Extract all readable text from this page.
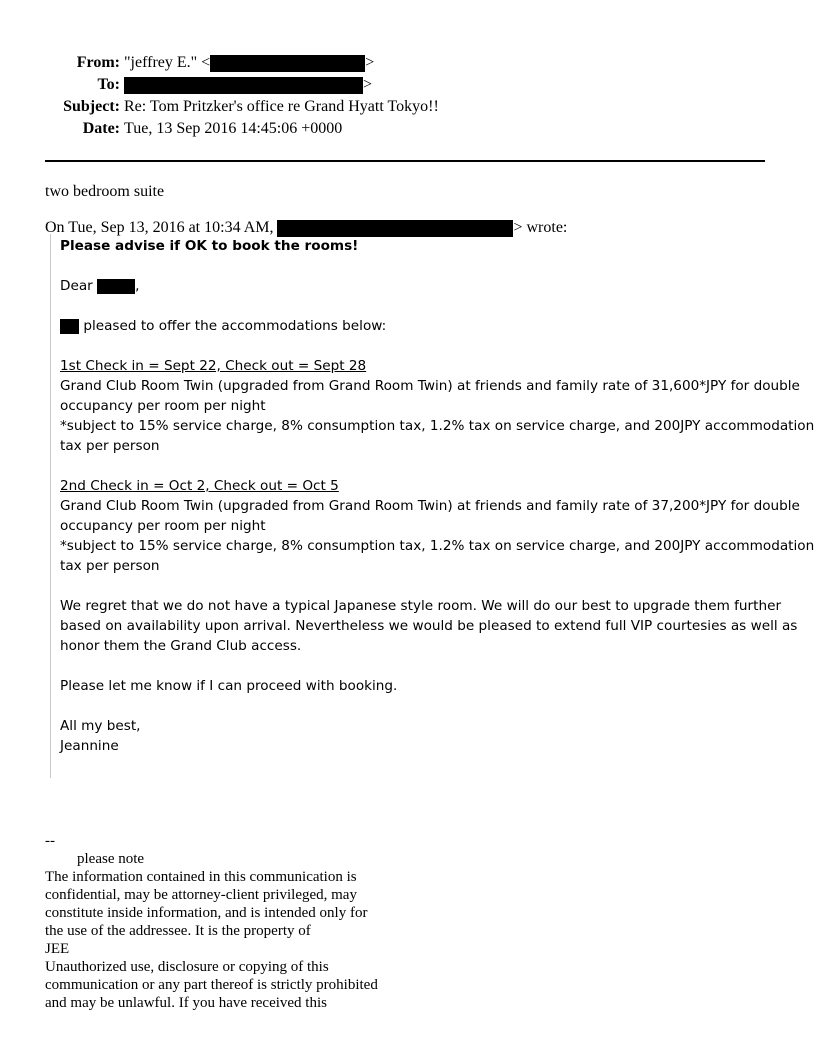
From: "jeffrey E." <	>
To:	>
Subject: Re: Tom Pritzker's office re Grand Hyatt Tokyo!!
Date: Tue, 13 Sep 2016 14:45:06 +0000
two bedroom suite
On Tue, Sep 13, 2016 at 10:34 AM,	> wrote:
Please advise if OK to book the rooms!
Dear	,
pleased to offer the accommodations below:
1st Check in = Sept 22, Check out = Sept 28
Grand Club Room Twin (upgraded from Grand Room Twin) at friends and family rate of 31,600*JPY for double
occupancy per room per night
*subject to 15% service charge, 8% consumption tax, 1.2% tax on service charge, and 200JPY accommodation
tax per person
2nd Check in = Oct 2, Check out = Oct 5
Grand Club Room Twin (upgraded from Grand Room Twin) at friends and family rate of 37,200*JPY for double
occupancy per room per night
*subject to 15% service charge, 8% consumption tax, 1.2% tax on service charge, and 200JPY accommodation
tax per person
We regret that we do not have a typical Japanese style room. We will do our best to upgrade them further
based on availability upon arrival. Nevertheless we would be pleased to extend full VIP courtesies as well as
honor them the Grand Club access.
Please let me know if I can proceed with booking.
All my best,
Jeannine
--
please note
The information contained in this communication is
confidential, may be attorney-client privileged, may
constitute inside information, and is intended only for
the use of the addressee. It is the property of
JEE
Unauthorized use, disclosure or copying of this
communication or any part thereof is strictly prohibited
and may be unlawful. If you have received this
